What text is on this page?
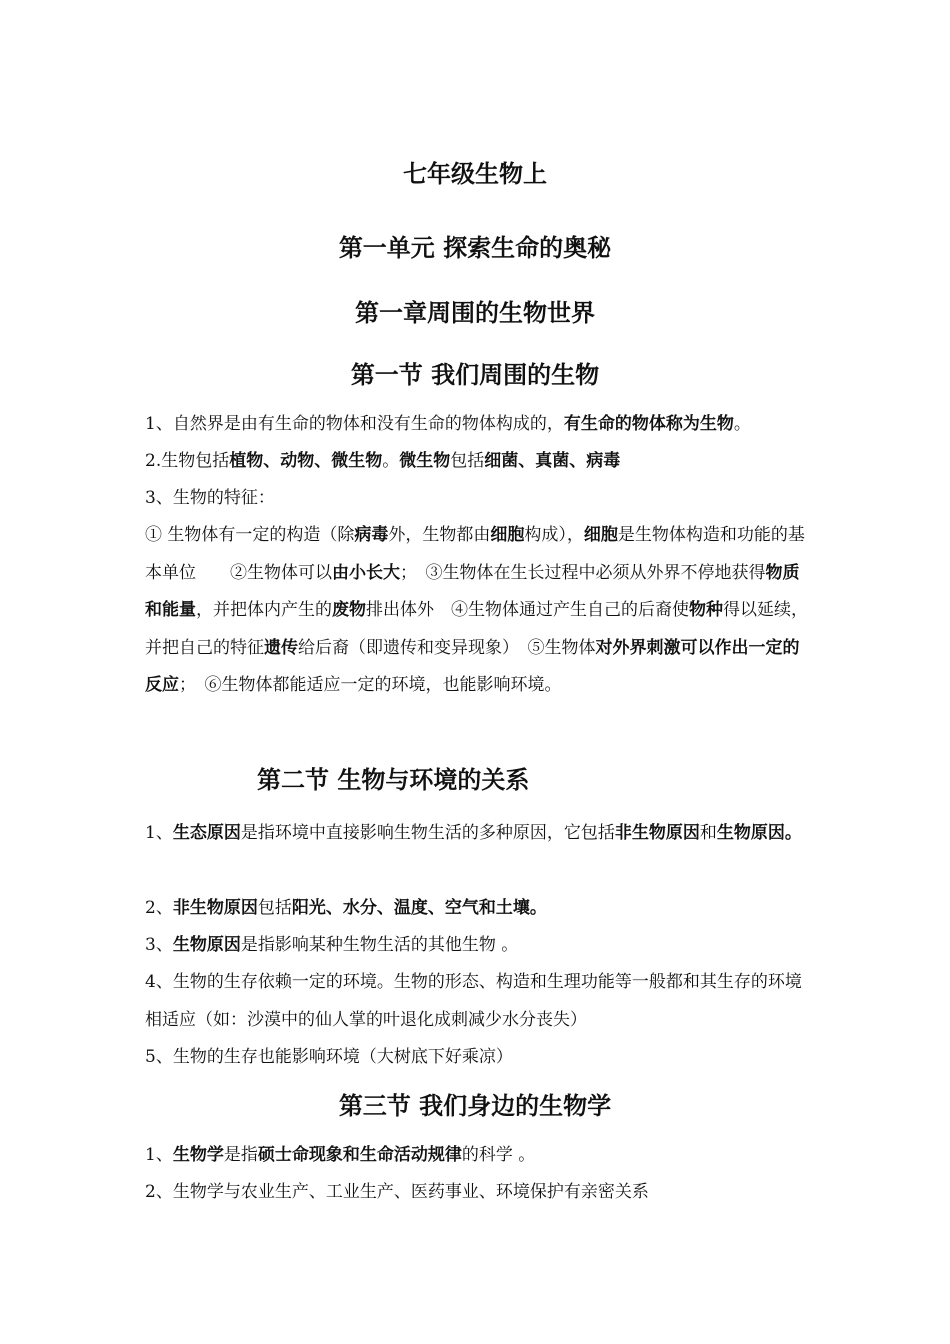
七年级生物上
第一单元 探索生命的奥秘
第一章周围的生物世界
第一节 我们周围的生物
1、自然界是由有生命的物体和没有生命的物体构成的，有生命的物体称为生物。
2.生物包括植物、动物、微生物。微生物包括细菌、真菌、病毒
3、生物的特征：
① 生物体有一定的构造（除病毒外，生物都由细胞构成），细胞是生物体构造和功能的基本单位　　②生物体可以由小长大；　③生物体在生长过程中必须从外界不停地获得物质和能量，并把体内产生的废物排出体外　④生物体通过产生自己的后裔使物种得以延续，并把自己的特征遗传给后裔（即遗传和变异现象）　⑤生物体对外界刺激可以作出一定的反应；　⑥生物体都能适应一定的环境，也能影响环境。
第二节 生物与环境的关系
1、生态原因是指环境中直接影响生物生活的多种原因，它包括非生物原因和生物原因。
2、非生物原因包括阳光、水分、温度、空气和土壤。
3、生物原因是指影响某种生物生活的其他生物 。
4、生物的生存依赖一定的环境。生物的形态、构造和生理功能等一般都和其生存的环境相适应（如：沙漠中的仙人掌的叶退化成刺减少水分丧失）
5、生物的生存也能影响环境（大树底下好乘凉）
第三节 我们身边的生物学
1、生物学是指硕士命现象和生命活动规律的科学 。
2、生物学与农业生产、工业生产、医药事业、环境保护有亲密关系
